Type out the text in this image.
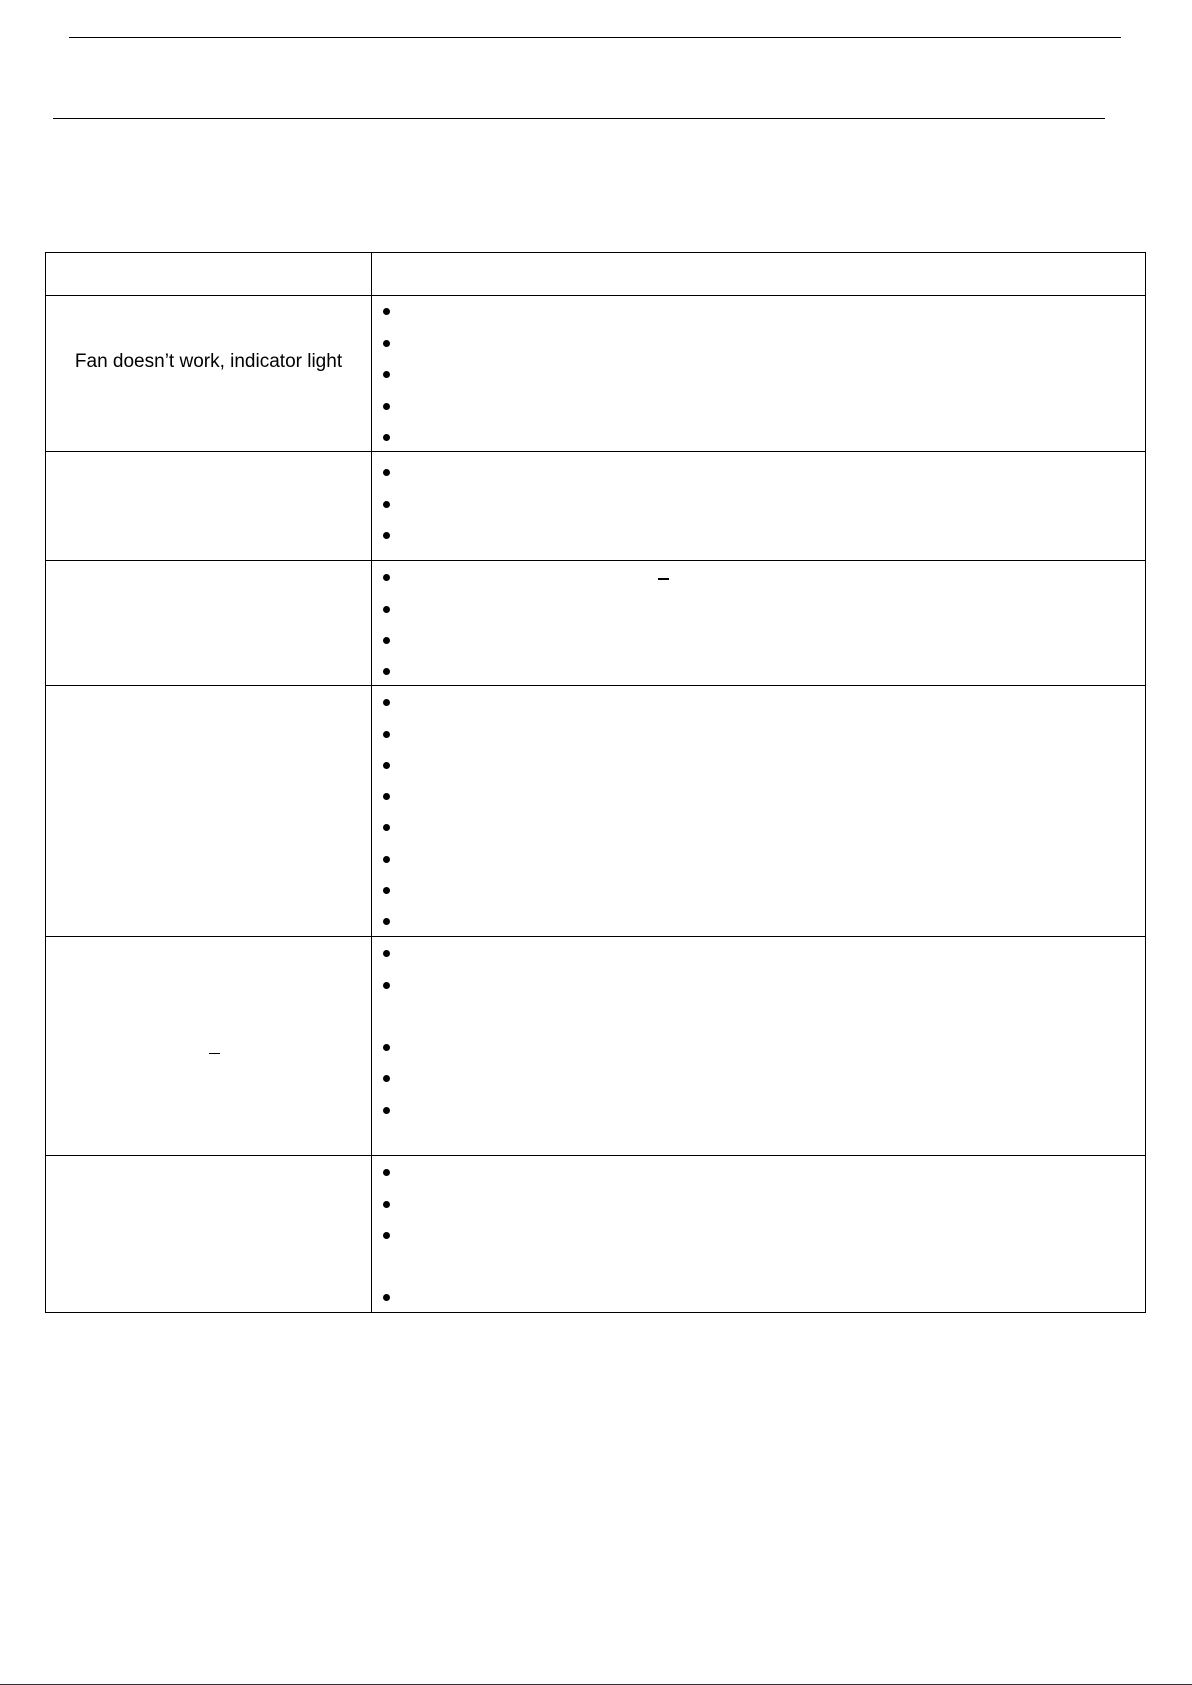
Fan doesn’t work, indicator light
